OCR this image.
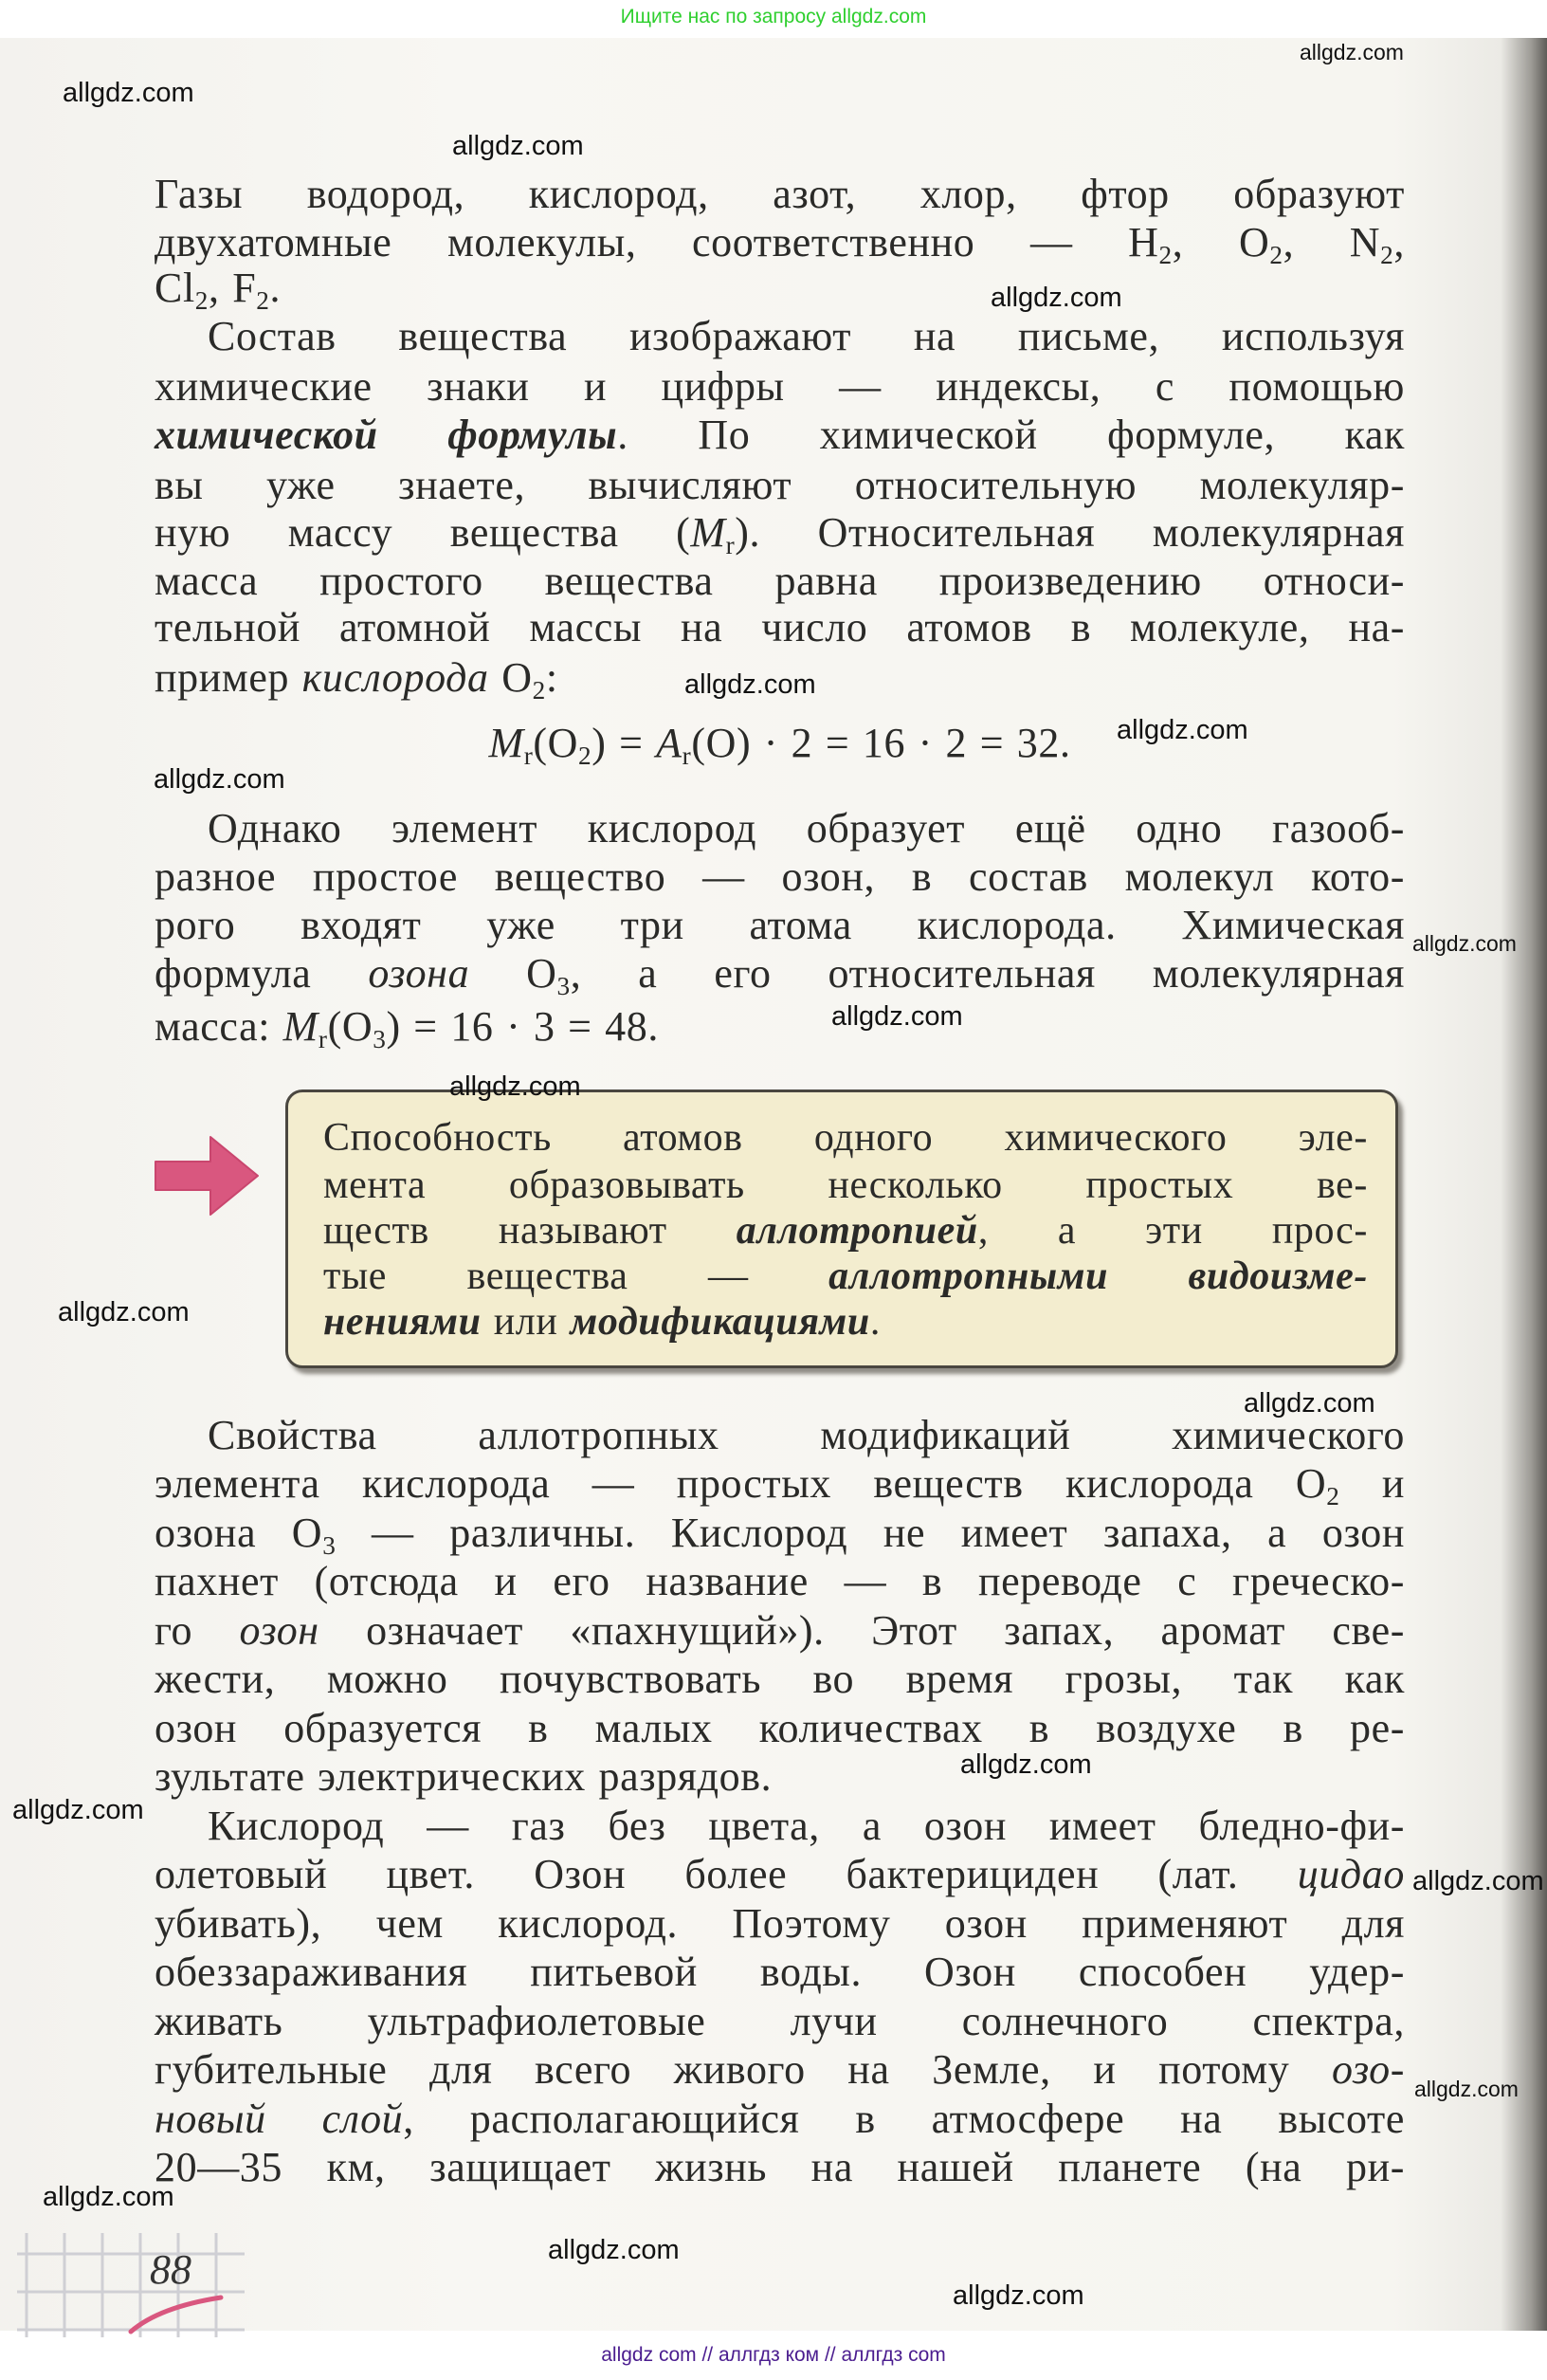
Ищите нас по запросу allgdz.com
Газы водород, кислород, азот, хлор, фтор образуют
двухатомные молекулы, соответственно — $H_2$, $O_2$, $N_2$,
$Cl_2$, $F_2$.
Состав вещества изображают на письме, используя
химические знаки и цифры — индексы, с помощью
химической формулы. По химической формуле, как
вы уже знаете, вычисляют относительную молекуляр-
ную массу вещества $(M_r)$. Относительная молекулярная
масса простого вещества равна произведению относи-
тельной атомной массы на число атомов в молекуле, на-
пример кислорода $O_2$:
$M_r(O_2) = A_r(O) \cdot 2 = 16 \cdot 2 = 32$.
Однако элемент кислород образует ещё одно газооб-
разное простое вещество — озон, в состав молекул кото-
рого входят уже три атома кислорода. Химическая
формула озона $O_3$, а его относительная молекулярная
масса: $M_r(O_3) = 16 \cdot 3 = 48$.
Способность атомов одного химического эле-
мента образовывать несколько простых ве-
ществ называют аллотропией, а эти прос-
тые вещества — аллотропными видоизме-
нениями или модификациями.
Свойства аллотропных модификаций химического
элемента кислорода — простых веществ кислорода $O_2$ и
озона $O_3$ — различны. Кислород не имеет запаха, а озон
пахнет (отсюда и его название — в переводе с греческо-
го озон означает «пахнущий»). Этот запах, аромат све-
жести, можно почувствовать во время грозы, так как
озон образуется в малых количествах в воздухе в ре-
зультате электрических разрядов.
Кислород — газ без цвета, а озон имеет бледно-фи-
олетовый цвет. Озон более бактерициден (лат. цидао
убивать), чем кислород. Поэтому озон применяют для
обеззараживания питьевой воды. Озон способен удер-
живать ультрафиолетовые лучи солнечного спектра,
губительные для всего живого на Земле, и потому озо-
новый слой, располагающийся в атмосфере на высоте
20—35 км, защищает жизнь на нашей планете (на ри-
88
allgdz.com
allgdz.com
allgdz.com
allgdz.com
allgdz.com
allgdz.com
allgdz.com
allgdz.com
allgdz.com
allgdz.com
allgdz.com
allgdz.com
allgdz.com
allgdz.com
allgdz.com
allgdz.com
allgdz.com
allgdz.com
allgdz.com
allgdz com // аллгдз ком // аллгдз com
